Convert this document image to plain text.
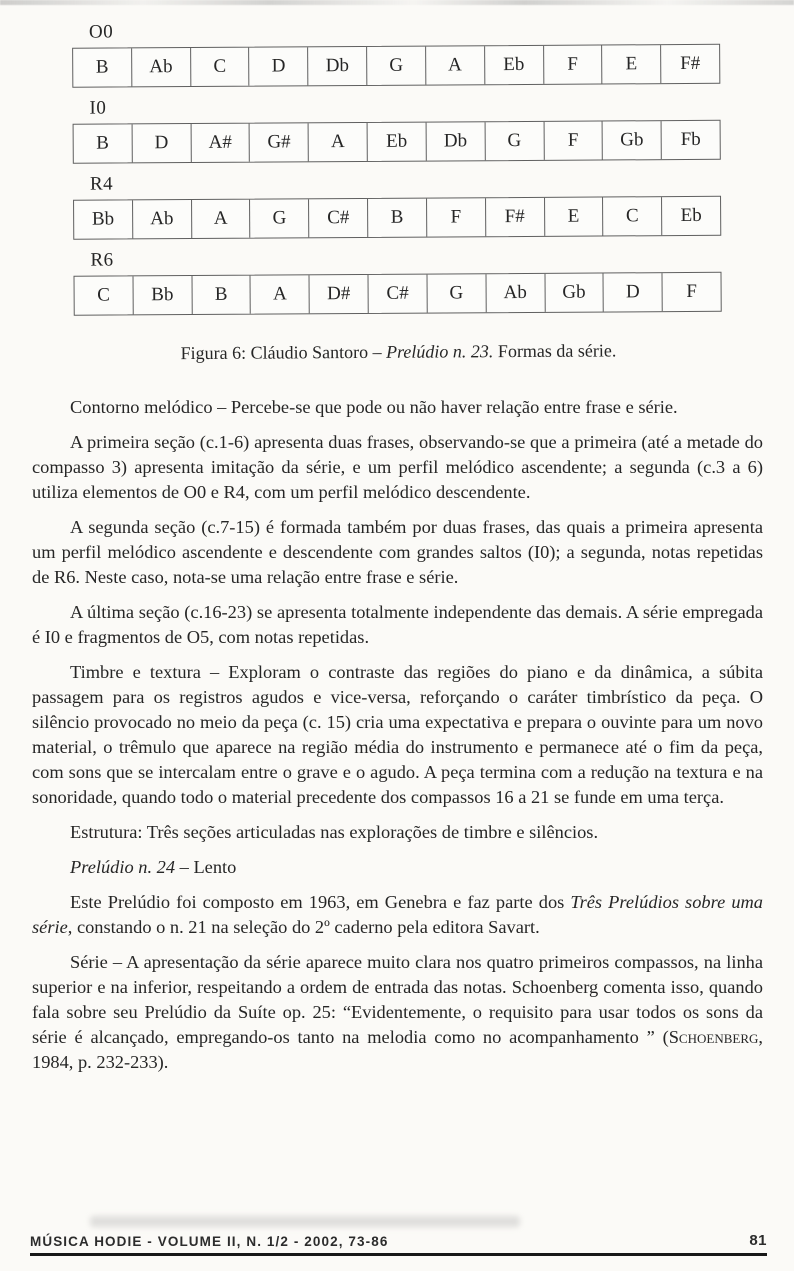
O0
B	Ab	C	D	Db	G	A	Eb	F	E	F#
I0
B	D	A#	G#	A	Eb	Db	G	F	Gb	Fb
R4
Bb	Ab	A	G	C#	B	F	F#	E	C	Eb
R6
C	Bb	B	A	D#	C#	G	Ab	Gb	D	F
Figura 6: Cláudio Santoro – Prelúdio n. 23. Formas da série.

Contorno melódico – Percebe-se que pode ou não haver relação entre frase e série.

A primeira seção (c.1-6) apresenta duas frases, observando-se que a primeira (até a metade do compasso 3) apresenta imitação da série, e um perfil melódico ascendente; a segunda (c.3 a 6) utiliza elementos de O0 e R4, com um perfil melódico descendente.

A segunda seção (c.7-15) é formada também por duas frases, das quais a primeira apresenta um perfil melódico ascendente e descendente com grandes saltos (I0); a segunda, notas repetidas de R6. Neste caso, nota-se uma relação entre frase e série.

A última seção (c.16-23) se apresenta totalmente independente das demais. A série empregada é I0 e fragmentos de O5, com notas repetidas.

Timbre e textura – Exploram o contraste das regiões do piano e da dinâmica, a súbita passagem para os registros agudos e vice-versa, reforçando o caráter timbrístico da peça. O silêncio provocado no meio da peça (c. 15) cria uma expectativa e prepara o ouvinte para um novo material, o trêmulo que aparece na região média do instrumento e permanece até o fim da peça, com sons que se intercalam entre o grave e o agudo. A peça termina com a redução na textura e na sonoridade, quando todo o material precedente dos compassos 16 a 21 se funde em uma terça.

Estrutura: Três seções articuladas nas explorações de timbre e silêncios.

Prelúdio n. 24 – Lento

Este Prelúdio foi composto em 1963, em Genebra e faz parte dos Três Prelúdios sobre uma série, constando o n. 21 na seleção do 2º caderno pela editora Savart.

Série – A apresentação da série aparece muito clara nos quatro primeiros compassos, na linha superior e na inferior, respeitando a ordem de entrada das notas. Schoenberg comenta isso, quando fala sobre seu Prelúdio da Suíte op. 25: “Evidentemente, o requisito para usar todos os sons da série é alcançado, empregando-os tanto na melodia como no acompanhamento ” (Schoenberg, 1984, p. 232-233).

MÚSICA HODIE - VOLUME II, N. 1/2 - 2002, 73-86	81
